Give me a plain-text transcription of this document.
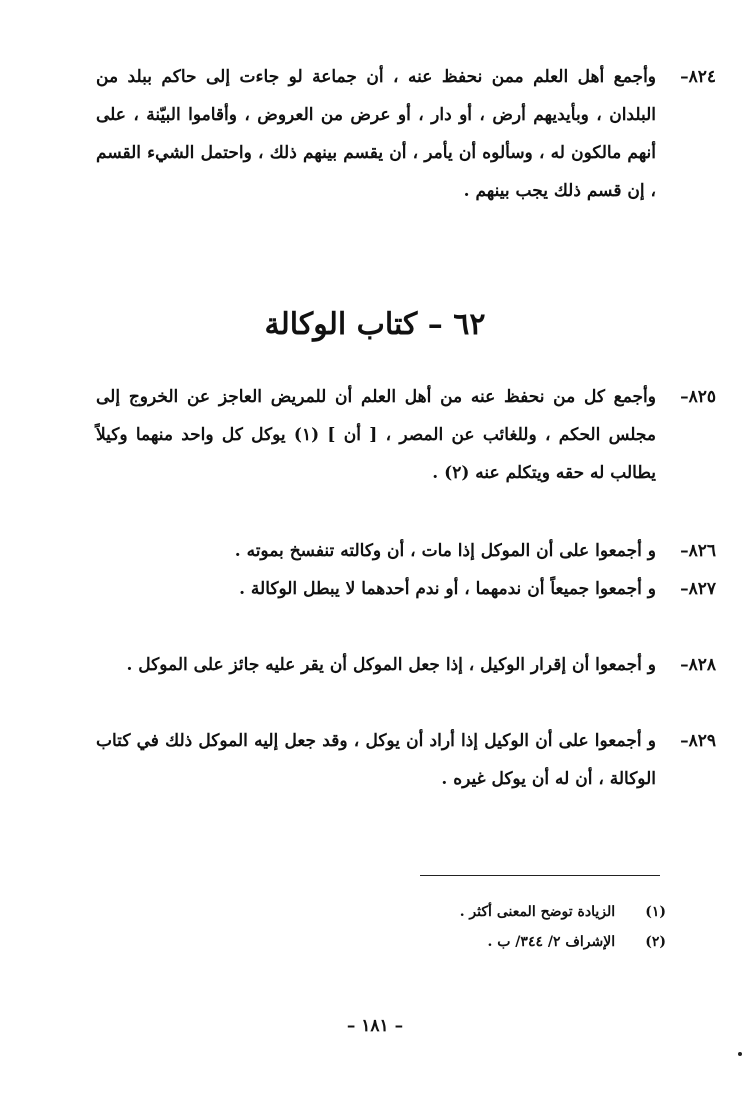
٨٢٤–
وأجمع أهل العلم ممن نحفظ عنه ، أن جماعة لو جاءت إلى حاكم ببلد من البلدان ، وبأيديهم أرض ، أو دار ، أو عرض من العروض ، وأقاموا البيّنة ، على أنهم مالكون له ، وسألوه أن يأمر ، أن يقسم بينهم ذلك ، واحتمل الشيء القسم ، إن قسم ذلك يجب بينهم .
٦٢ – كتاب الوكالة
٨٢٥–
وأجمع كل من نحفظ عنه من أهل العلم أن للمريض العاجز عن الخروج إلى مجلس الحكم ، وللغائب عن المصر ، [ أن ] (١) يوكل كل واحد منهما وكيلاً يطالب له حقه ويتكلم عنه (٢) .
٨٢٦–
و أجمعوا على أن الموكل إذا مات ، أن وكالته تنفسخ بموته .
٨٢٧–
و أجمعوا جميعاً أن ندمهما ، أو ندم أحدهما لا يبطل الوكالة .
٨٢٨–
و أجمعوا أن إقرار الوكيل ، إذا جعل الموكل أن يقر عليه جائز على الموكل .
٨٢٩–
و أجمعوا على أن الوكيل إذا أراد أن يوكل ، وقد جعل إليه الموكل ذلك في كتاب الوكالة ، أن له أن يوكل غيره .
(١) الزيادة توضح المعنى أكثر .
(٢) الإشراف ٢/ ٣٤٤/ ب .
– ١٨١ –
